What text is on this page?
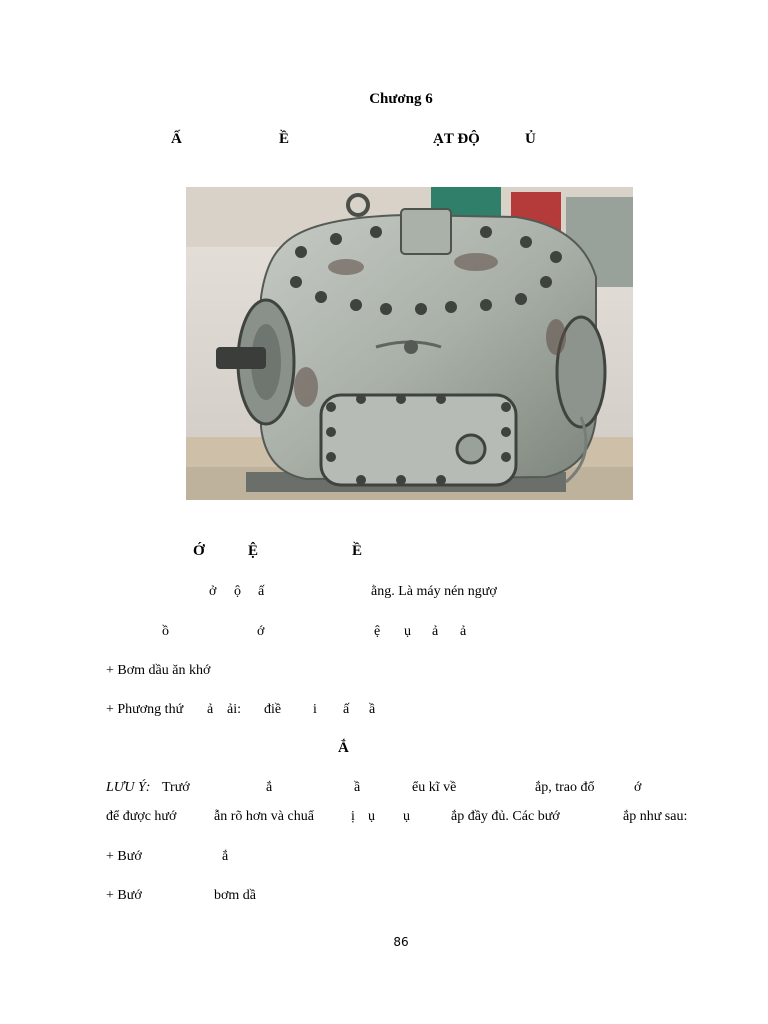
Chương 6
Ấ	Ề	ẠT ĐỘ	Ủ

Ớ	Ệ	Ề
ở ộ ấ	ằng. Là máy nén ngượ
ồ	ớ	ệ ụ ả ả
+ Bơm dầu ăn khớ
+ Phương thứ ả ải: điề i ấ ầ
Ắ
LƯU Ý: Trướ	ắ	ầ	ểu kĩ về	ắp, trao đổ	ớ
để được hướ	ẫn rõ hơn và chuẩ	ị ụ ụ	ắp đầy đủ. Các bướ	ắp như sau:
+ Bướ	ắ
+ Bướ	bơm dầ
86
